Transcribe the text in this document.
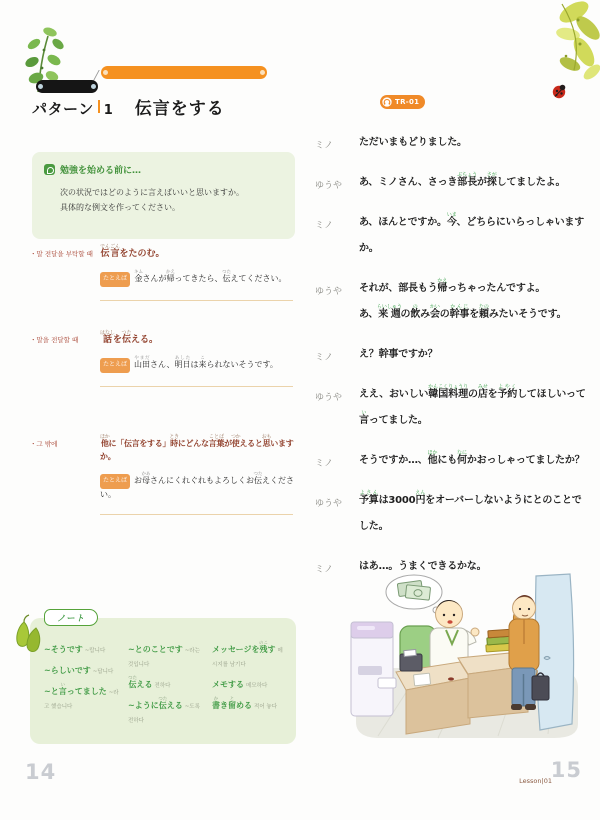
パターン 1 伝言をする
勉強を始める前に…
次の状況ではどのように言えばいいと思いますか。
具体的な例文を作ってください。
・말 전달을 부탁할 때 伝言でんごんをたのむ。
たとえば 金キムさんが帰かえってきたら、伝つたえてください。
・말을 전달할 때	話はなしを伝つたえる。
たとえば 山田やまださん、明日あしたは来こられないそうです。
・그 밖에	他ほかに「伝言をする」時ときにどんな言葉ことばが使つかえると思おもいますか。
たとえば お母かあさんにくれぐれもよろしくお伝つたえください。
ノート
~そうです ~랍니다
~らしいです ~답니다
~と言いってました ~라고 했습니다
~とのことです ~라는 것입니다
伝つたえる 전하다
~ように伝つたえる ~도록 전하다
メッセージを残のこす 메시지를 남기다
メモする 메모하다
書かき留とめる 적어 놓다
14
TR-01
ミノ	ただいまもどりました。
ゆうや	あ、ミノさん、さっき部長ぶちょうが探さがしてましたよ。
ミノ	あ、ほんとですか。今いま、どちらにいらっしゃいますか。
ゆうや	それが、部長もう帰かえっちゃったんですよ。
あ、来週らいしゅうの飲のみ会かいの幹事かんじを頼たのみたいそうです。
ミノ	え？幹事ですか？
ゆうや	ええ、おいしい韓国料理かんこくりょうりの店みせを予約よやくしてほしいって
言いってました。
ミノ	そうですか…、他ほかにも何なにかおっしゃってましたか？
ゆうや	予算よさんは3000円えんをオーバーしないようにとのことでした。
ミノ	はあ…。うまくできるかな。
Lesson|01
15
